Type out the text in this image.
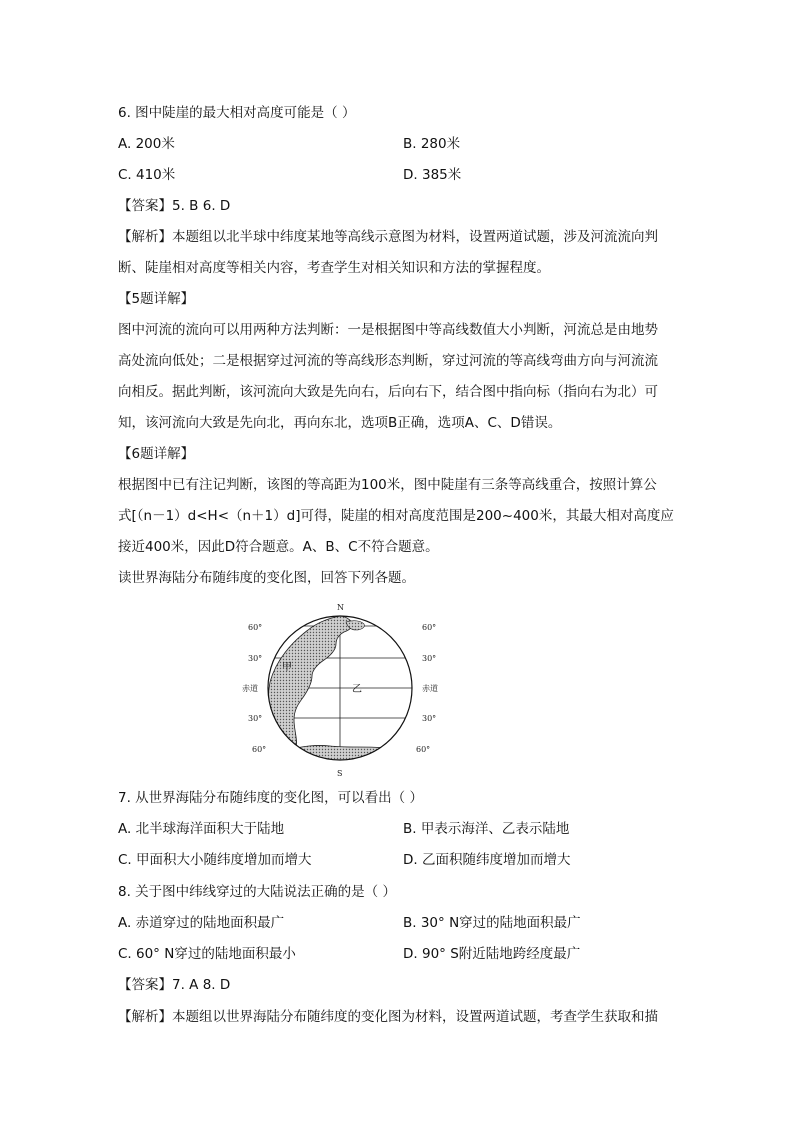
6. 图中陡崖的最大相对高度可能是（ ）
A. 200米	B. 280米
C. 410米	D. 385米
【答案】5. B 6. D
【解析】本题组以北半球中纬度某地等高线示意图为材料，设置两道试题，涉及河流流向判
断、陡崖相对高度等相关内容，考查学生对相关知识和方法的掌握程度。
【5题详解】
图中河流的流向可以用两种方法判断：一是根据图中等高线数值大小判断，河流总是由地势
高处流向低处；二是根据穿过河流的等高线形态判断，穿过河流的等高线弯曲方向与河流流
向相反。据此判断，该河流向大致是先向右，后向右下，结合图中指向标（指向右为北）可
知，该河流向大致是先向北，再向东北，选项B正确，选项A、C、D错误。
【6题详解】
根据图中已有注记判断，该图的等高距为100米，图中陡崖有三条等高线重合，按照计算公
式[（n－1）d<H<（n＋1）d]可得，陡崖的相对高度范围是200~400米，其最大相对高度应
接近400米，因此D符合题意。A、B、C不符合题意。
读世界海陆分布随纬度的变化图，回答下列各题。
7. 从世界海陆分布随纬度的变化图，可以看出（ ）
A. 北半球海洋面积大于陆地	B. 甲表示海洋、乙表示陆地
C. 甲面积大小随纬度增加而增大	D. 乙面积随纬度增加而增大
8. 关于图中纬线穿过的大陆说法正确的是（ ）
A. 赤道穿过的陆地面积最广	B. 30° N穿过的陆地面积最广
C. 60° N穿过的陆地面积最小	D. 90° S附近陆地跨经度最广
【答案】7. A 8. D
【解析】本题组以世界海陆分布随纬度的变化图为材料，设置两道试题，考查学生获取和描
N
S
60°	60°
30°	30°
赤道	赤道
30°	30°
60°	60°
甲
乙
